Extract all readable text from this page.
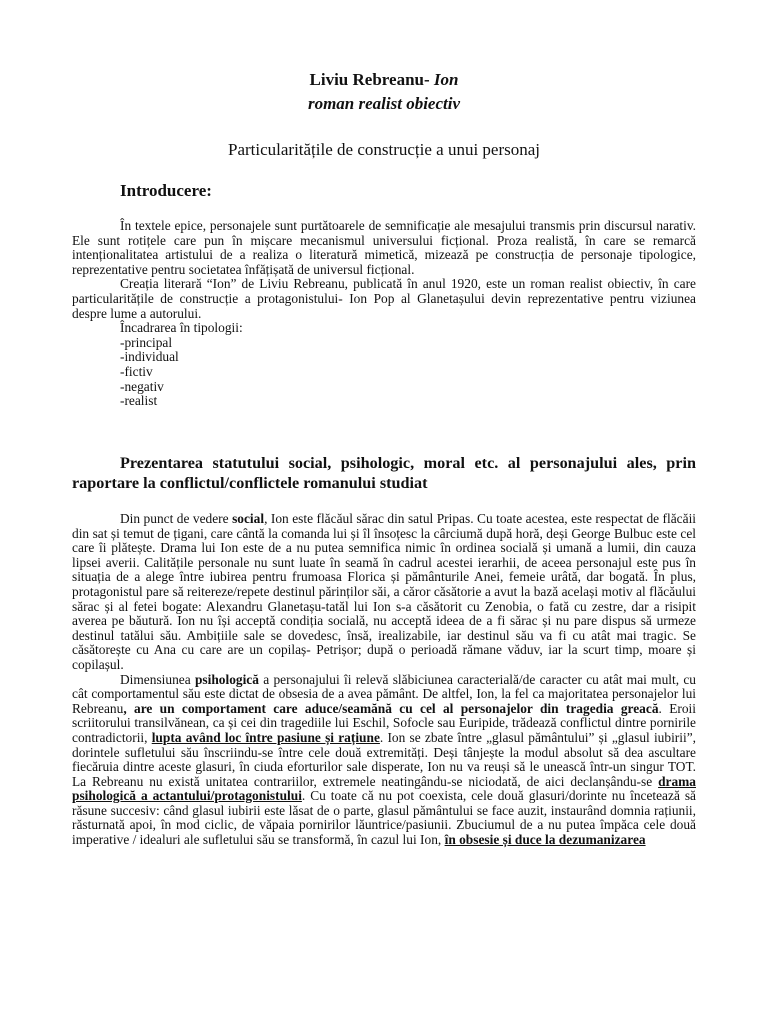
Liviu Rebreanu- Ion
roman realist obiectiv
Particularitățile de construcție a unui personaj
Introducere:

În textele epice, personajele sunt purtătoarele de semnificație ale mesajului transmis prin discursul narativ. Ele sunt rotițele care pun în mișcare mecanismul universului ficțional. Proza realistă, în care se remarcă intenționalitatea artistului de a realiza o literatură mimetică, mizează pe construcția de personaje tipologice, reprezentative pentru societatea înfățișată de universul ficțional.

Creația literară “Ion” de Liviu Rebreanu, publicată în anul 1920, este un roman realist obiectiv, în care particularitățile de construcție a protagonistului- Ion Pop al Glanetașului devin reprezentative pentru viziunea despre lume a autorului.

Încadrarea în tipologii:
-principal
-individual
-fictiv
-negativ
-realist
Prezentarea statutului social, psihologic, moral etc. al personajului ales, prin raportare la conflictul/conflictele romanului studiat

Din punct de vedere social, Ion este flăcăul sărac din satul Pripas. Cu toate acestea, este respectat de flăcăii din sat și temut de țigani, care cântă la comanda lui și îl însoțesc la cârciumă după horă, deși George Bulbuc este cel care îi plătește. Drama lui Ion este de a nu putea semnifica nimic în ordinea socială și umană a lumii, din cauza lipsei averii. Calitățile personale nu sunt luate în seamă în cadrul acestei ierarhii, de aceea personajul este pus în situația de a alege între iubirea pentru frumoasa Florica și pământurile Anei, femeie urâtă, dar bogată. În plus, protagonistul pare să reitereze/repete destinul părinților săi, a căror căsătorie a avut la bază același motiv al flăcăului sărac și al fetei bogate: Alexandru Glanetașu-tatăl lui Ion s-a căsătorit cu Zenobia, o fată cu zestre, dar a risipit averea pe băutură. Ion nu își acceptă condiția socială, nu acceptă ideea de a fi sărac și nu pare dispus să urmeze destinul tatălui său. Ambițiile sale se dovedesc, însă, irealizabile, iar destinul său va fi cu atât mai tragic. Se căsătorește cu Ana cu care are un copilaș- Petrișor; după o perioadă rămane văduv, iar la scurt timp, moare și copilașul.

Dimensiunea psihologică a personajului îi relevă slăbiciunea caracterială/de caracter cu atât mai mult, cu cât comportamentul său este dictat de obsesia de a avea pământ. De altfel, Ion, la fel ca majoritatea personajelor lui Rebreanu, are un comportament care aduce/seamănă cu cel al personajelor din tragedia greacă. Eroii scriitorului transilvănean, ca și cei din tragediile lui Eschil, Sofocle sau Euripide, trădează conflictul dintre pornirile contradictorii, lupta având loc între pasiune și rațiune. Ion se zbate între „glasul pământului” și „glasul iubirii”, dorintele sufletului său înscriindu-se între cele două extremități. Deși tânjește la modul absolut să dea ascultare fiecăruia dintre aceste glasuri, în ciuda eforturilor sale disperate, Ion nu va reuși să le unească într-un singur TOT. La Rebreanu nu există unitatea contrariilor, extremele neatingându-se niciodată, de aici declanșându-se drama psihologică a actantului/protagonistului. Cu toate că nu pot coexista, cele două glasuri/dorinte nu încetează să răsune succesiv: când glasul iubirii este lăsat de o parte, glasul pământului se face auzit, instaurând domnia rațiunii, răsturnată apoi, în mod ciclic, de văpaia pornirilor lăuntrice/pasiunii. Zbuciumul de a nu putea împăca cele două imperative / idealuri ale sufletului său se transformă, în cazul lui Ion, în obsesie și duce la dezumanizarea
